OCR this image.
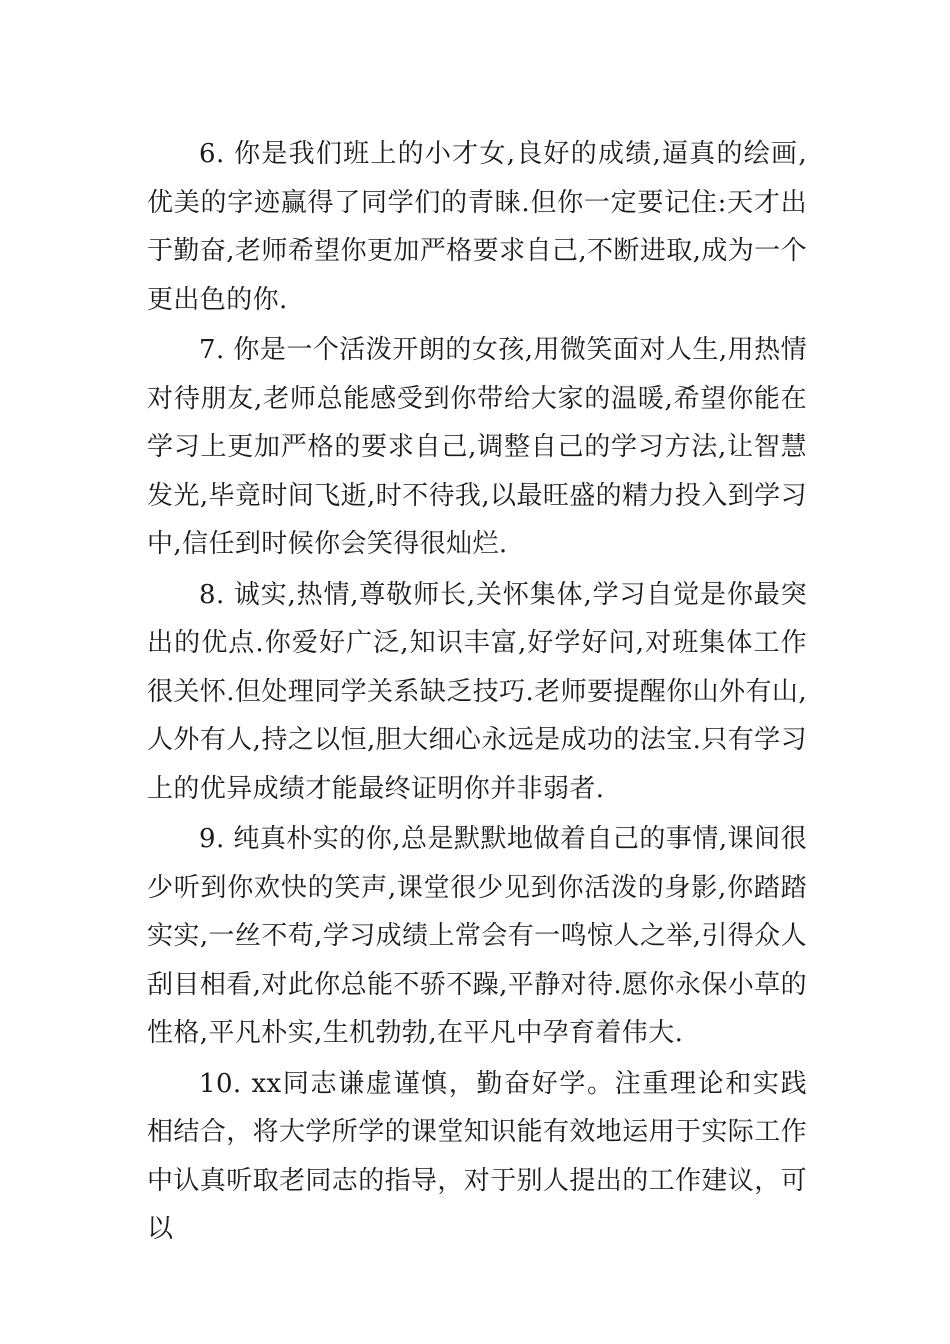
6. 你是我们班上的小才女,良好的成绩,逼真的绘画,优美的字迹赢得了同学们的青睐.但你一定要记住:天才出于勤奋,老师希望你更加严格要求自己,不断进取,成为一个更出色的你.

7. 你是一个活泼开朗的女孩,用微笑面对人生,用热情对待朋友,老师总能感受到你带给大家的温暖,希望你能在学习上更加严格的要求自己,调整自己的学习方法,让智慧发光,毕竟时间飞逝,时不待我,以最旺盛的精力投入到学习中,信任到时候你会笑得很灿烂.

8. 诚实,热情,尊敬师长,关怀集体,学习自觉是你最突出的优点.你爱好广泛,知识丰富,好学好问,对班集体工作很关怀.但处理同学关系缺乏技巧.老师要提醒你山外有山,人外有人,持之以恒,胆大细心永远是成功的法宝.只有学习上的优异成绩才能最终证明你并非弱者.

9. 纯真朴实的你,总是默默地做着自己的事情,课间很少听到你欢快的笑声,课堂很少见到你活泼的身影,你踏踏实实,一丝不苟,学习成绩上常会有一鸣惊人之举,引得众人刮目相看,对此你总能不骄不躁,平静对待.愿你永保小草的性格,平凡朴实,生机勃勃,在平凡中孕育着伟大.

10. xx同志谦虚谨慎，勤奋好学。注重理论和实践相结合，将大学所学的课堂知识能有效地运用于实际工作中认真听取老同志的指导，对于别人提出的工作建议，可以
